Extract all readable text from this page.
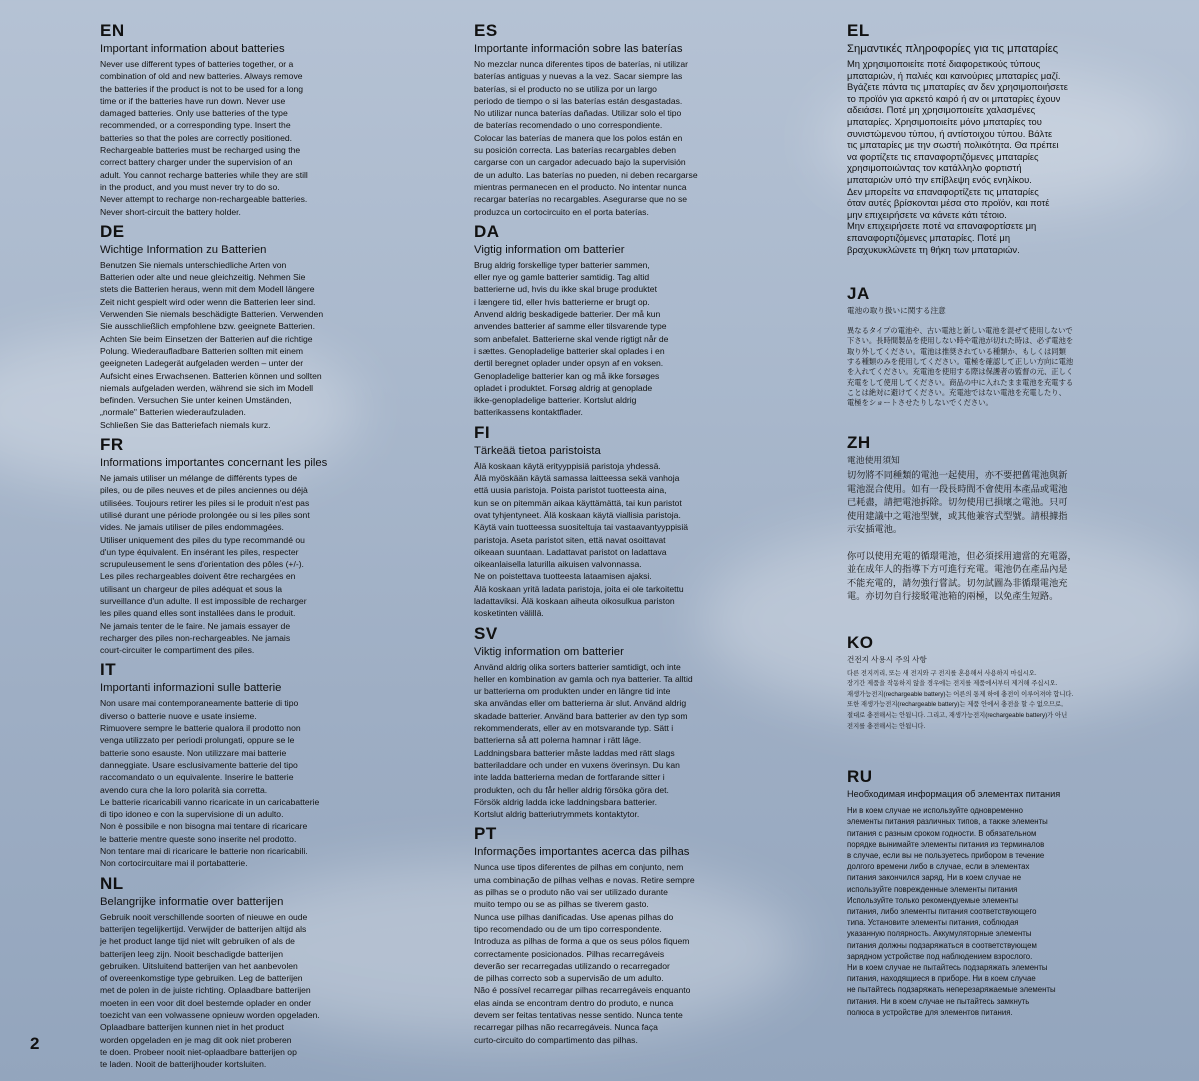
EN
Important information about batteries
Never use different types of batteries together, or a
combination of old and new batteries. Always remove
the batteries if the product is not to be used for a long
time or if the batteries have run down. Never use
damaged batteries. Only use batteries of the type
recommended, or a corresponding type. Insert the
batteries so that the poles are correctly positioned.
Rechargeable batteries must be recharged using the
correct battery charger under the supervision of an
adult. You cannot recharge batteries while they are still
in the product, and you must never try to do so.
Never attempt to recharge non-rechargeable batteries.
Never short-circuit the battery holder.
DE
Wichtige Information zu Batterien
Benutzen Sie niemals unterschiedliche Arten von
Batterien oder alte und neue gleichzeitig. Nehmen Sie
stets die Batterien heraus, wenn mit dem Modell längere
Zeit nicht gespielt wird oder wenn die Batterien leer sind.
Verwenden Sie niemals beschädigte Batterien. Verwenden
Sie ausschließlich empfohlene bzw. geeignete Batterien.
Achten Sie beim Einsetzen der Batterien auf die richtige
Polung. Wiederaufladbare Batterien sollten mit einem
geeigneten Ladegerät aufgeladen werden – unter der
Aufsicht eines Erwachsenen. Batterien können und sollten
niemals aufgeladen werden, während sie sich im Modell
befinden. Versuchen Sie unter keinen Umständen,
„normale" Batterien wiederaufzuladen.
Schließen Sie das Batteriefach niemals kurz.
FR
Informations importantes concernant les piles
Ne jamais utiliser un mélange de différents types de
piles, ou de piles neuves et de piles anciennes ou déjà
utilisées. Toujours retirer les piles si le produit n'est pas
utilisé durant une période prolongée ou si les piles sont
vides. Ne jamais utiliser de piles endommagées.
Utiliser uniquement des piles du type recommandé ou
d'un type équivalent. En insérant les piles, respecter
scrupuleusement le sens d'orientation des pôles (+/-).
Les piles rechargeables doivent être rechargées en
utilisant un chargeur de piles adéquat et sous la
surveillance d'un adulte. Il est impossible de recharger
les piles quand elles sont installées dans le produit.
Ne jamais tenter de le faire. Ne jamais essayer de
recharger des piles non-rechargeables. Ne jamais
court-circuiter le compartiment des piles.
IT
Importanti informazioni sulle batterie
Non usare mai contemporaneamente batterie di tipo
diverso o batterie nuove e usate insieme.
Rimuovere sempre le batterie qualora il prodotto non
venga utilizzato per periodi prolungati, oppure se le
batterie sono esauste. Non utilizzare mai batterie
danneggiate. Usare esclusivamente batterie del tipo
raccomandato o un equivalente. Inserire le batterie
avendo cura che la loro polarità sia corretta.
Le batterie ricaricabili vanno ricaricate in un caricabatterie
di tipo idoneo e con la supervisione di un adulto.
Non è possibile e non bisogna mai tentare di ricaricare
le batterie mentre queste sono inserite nel prodotto.
Non tentare mai di ricaricare le batterie non ricaricabili.
Non cortocircuitare mai il portabatterie.
NL
Belangrijke informatie over batterijen
Gebruik nooit verschillende soorten of nieuwe en oude
batterijen tegelijkertijd. Verwijder de batterijen altijd als
je het product lange tijd niet wilt gebruiken of als de
batterijen leeg zijn. Nooit beschadigde batterijen
gebruiken. Uitsluitend batterijen van het aanbevolen
of overeenkomstige type gebruiken. Leg de batterijen
met de polen in de juiste richting. Oplaadbare batterijen
moeten in een voor dit doel bestemde oplader en onder
toezicht van een volwassene opnieuw worden opgeladen.
Oplaadbare batterijen kunnen niet in het product
worden opgeladen en je mag dit ook niet proberen
te doen. Probeer nooit niet-oplaadbare batterijen op
te laden. Nooit de batterijhouder kortsluiten.
ES
Importante información sobre las baterías
No mezclar nunca diferentes tipos de baterías, ni utilizar
baterías antiguas y nuevas a la vez. Sacar siempre las
baterías, si el producto no se utiliza por un largo
periodo de tiempo o si las baterías están desgastadas.
No utilizar nunca baterías dañadas. Utilizar solo el tipo
de baterías recomendado o uno correspondiente.
Colocar las baterías de manera que los polos están en
su posición correcta. Las baterías recargables deben
cargarse con un cargador adecuado bajo la supervisión
de un adulto. Las baterías no pueden, ni deben recargarse
mientras permanecen en el producto. No intentar nunca
recargar baterías no recargables. Asegurarse que no se
produzca un cortocircuito en el porta baterías.
DA
Vigtig information om batterier
Brug aldrig forskellige typer batterier sammen,
eller nye og gamle batterier samtidig. Tag altid
batterierne ud, hvis du ikke skal bruge produktet
i længere tid, eller hvis batterierne er brugt op.
Anvend aldrig beskadigede batterier. Der må kun
anvendes batterier af samme eller tilsvarende type
som anbefalet. Batterierne skal vende rigtigt når de
i sættes. Genopladelige batterier skal oplades i en
dertil beregnet oplader under opsyn af en voksen.
Genopladelige batterier kan og må ikke forsøges
opladet i produktet. Forsøg aldrig at genoplade
ikke-genopladelige batterier. Kortslut aldrig
batterikassens kontaktflader.
FI
Tärkeää tietoa paristoista
Älä koskaan käytä erityyppisiä paristoja yhdessä.
Älä myöskään käytä samassa laitteessa sekä vanhoja
että uusia paristoja. Poista paristot tuotteesta aina,
kun se on pitemmän aikaa käyttämättä, tai kun paristot
ovat tyhjentyneet. Älä koskaan käytä viallisia paristoja.
Käytä vain tuotteessa suositeltuja tai vastaavantyyppisiä
paristoja. Aseta paristot siten, että navat osoittavat
oikeaan suuntaan. Ladattavat paristot on ladattava
oikeanlaisella laturilla aikuisen valvonnassa.
Ne on poistettava tuotteesta lataamisen ajaksi.
Älä koskaan yritä ladata paristoja, joita ei ole tarkoitettu
ladattaviksi. Älä koskaan aiheuta oikosulkua pariston
kosketinten välillä.
SV
Viktig information om batterier
Använd aldrig olika sorters batterier samtidigt, och inte
heller en kombination av gamla och nya batterier. Ta alltid
ur batterierna om produkten under en längre tid inte
ska användas eller om batterierna är slut. Använd aldrig
skadade batterier. Använd bara batterier av den typ som
rekommenderats, eller av en motsvarande typ. Sätt i
batterierna så att polerna hamnar i rätt läge.
Laddningsbara batterier måste laddas med rätt slags
batteriladdare och under en vuxens överinsyn. Du kan
inte ladda batterierna medan de fortfarande sitter i
produkten, och du får heller aldrig försöka göra det.
Försök aldrig ladda icke laddningsbara batterier.
Kortslut aldrig batteriutrymmets kontaktytor.
PT
Informações importantes acerca das pilhas
Nunca use tipos diferentes de pilhas em conjunto, nem
uma combinação de pilhas velhas e novas. Retire sempre
as pilhas se o produto não vai ser utilizado durante
muito tempo ou se as pilhas se tiverem gasto.
Nunca use pilhas danificadas. Use apenas pilhas do
tipo recomendado ou de um tipo correspondente.
Introduza as pilhas de forma a que os seus pólos fiquem
correctamente posicionados. Pilhas recarregáveis
deverão ser recarregadas utilizando o recarregador
de pilhas correcto sob a supervisão de um adulto.
Não é possível recarregar pilhas recarregáveis enquanto
elas ainda se encontram dentro do produto, e nunca
devem ser feitas tentativas nesse sentido. Nunca tente
recarregar pilhas não recarregáveis. Nunca faça
curto-circuito do compartimento das pilhas.
EL
Σημαντικές πληροφορίες για τις μπαταρίες
Μη χρησιμοποιείτε ποτέ διαφορετικούς τύπους
μπαταριών, ή παλιές και καινούριες μπαταρίες μαζί.
Βγάζετε πάντα τις μπαταρίες αν δεν χρησιμοποιήσετε
το προϊόν για αρκετό καιρό ή αν οι μπαταρίες έχουν
αδειάσει. Ποτέ μη χρησιμοποιείτε χαλασμένες
μπαταρίες. Χρησιμοποιείτε μόνο μπαταρίες του
συνιστώμενου τύπου, ή αντίστοιχου τύπου. Βάλτε
τις μπαταρίες με την σωστή πολικότητα. Θα πρέπει
να φορτίζετε τις επαναφορτιζόμενες μπαταρίες
χρησιμοποιώντας τον κατάλληλο φορτιστή
μπαταριών υπό την επίβλεψη ενός ενηλίκου.
Δεν μπορείτε να επαναφορτίζετε τις μπαταρίες
όταν αυτές βρίσκονται μέσα στο προϊόν, και ποτέ
μην επιχειρήσετε να κάνετε κάτι τέτοιο.
Μην επιχειρήσετε ποτέ να επαναφορτίσετε μη
επαναφορτιζόμενες μπαταρίες. Ποτέ μη
βραχυκυκλώνετε τη θήκη των μπαταριών.
JA
電池の取り扱いに関する注意
異なるタイプの電池や、古い電池と新しい電池を混ぜて使用しないで
下さい。長時間製品を使用しない時や電池が切れた時は、必ず電池を
取り外してください。電池は推奨されている種類か、もしくは同類
する種類のみを使用してください。電極を確認して正しい方向に電池
を入れてください。充電池を使用する際は保護者の監督の元、正しく
充電をして使用してください。商品の中に入れたまま電池を充電する
ことは絶対に避けてください。充電池ではない電池を充電したり、
電極をショートさせたりしないでください。
ZH
電池使用須知
切勿將不同種類的電池一起使用，亦不要把舊電池與新
電池混合使用。如有一段長時間不會使用本產品或電池
已耗盡，請把電池拆除。切勿使用已損壞之電池。只可
使用建議中之電池型號，或其他兼容式型號。請根據指
示安插電池。

你可以使用充電的循環電池，但必須採用適當的充電器，
並在成年人的指導下方可進行充電。電池仍在產品內是
不能充電的，請勿強行嘗試。切勿試圖為非循環電池充
電。亦切勿自行接駁電池箱的兩極，以免產生短路。
KO
건전지 사용시 주의 사항
다른 전지끼리, 또는 새 전지와 구 전지를 혼용해서 사용하지 마십시오.
장기간 제품을 작동하지 않을 경우에는 전지를 제품에서부터 제거해 주십시오.
재생가능전지(rechargeable battery)는 어른의 통제 하에 충전이 이루어져야 합니다.
또한 재생가능전지(rechargeable battery)는 제품 안에서 충전을 할 수 없으므로,
절대로 충전해서는 안됩니다. 그리고, 재생가능전지(rechargeable battery)가 아닌
전지를 충전해서는 안됩니다.
RU
Необходимая информация об элементах питания
Ни в коем случае не используйте одновременно
элементы питания различных типов, а также элементы
питания с разным сроком годности. В обязательном
порядке вынимайте элементы питания из терминалов
в случае, если вы не пользуетесь прибором в течение
долгого времени либо в случае, если в элементах
питания закончился заряд. Ни в коем случае не
используйте поврежденные элементы питания
Используйте только рекомендуемые элементы
питания, либо элементы питания соответствующего
типа. Установите элементы питания, соблюдая
указанную полярность. Аккумуляторные элементы
питания должны подзаряжаться в соответствующем
зарядном устройстве под наблюдением взрослого.
Ни в коем случае не пытайтесь подзаряжать элементы
питания, находящиеся в приборе. Ни в коем случае
не пытайтесь подзаряжать неперезаряжаемые элементы
питания. Ни в коем случае не пытайтесь замкнуть
полюса в устройстве для элементов питания.
2
